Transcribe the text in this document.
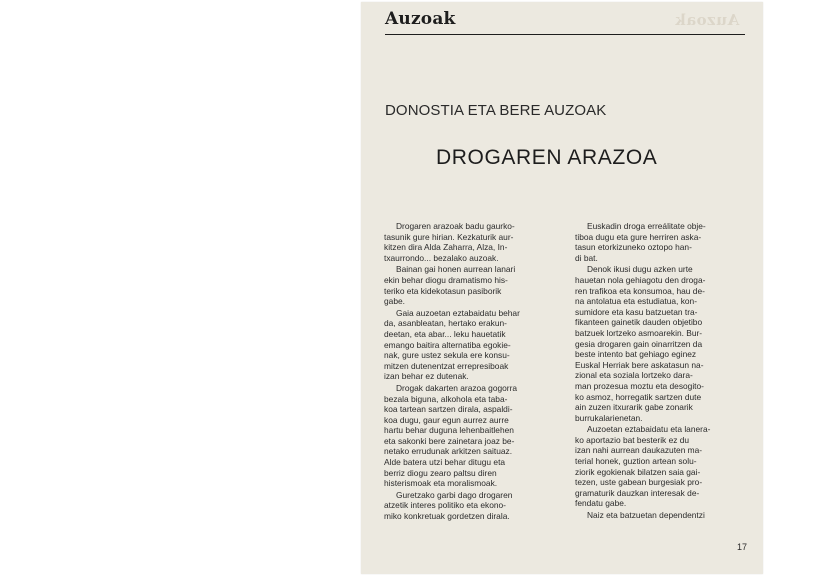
Auzoak	Auzoak
DONOSTIA ETA BERE AUZOAK
DROGAREN ARAZOA

Drogaren arazoak badu gaurko-
tasunik gure hirian. Kezkaturik aur-
kitzen dira Alda Zaharra, Alza, In-
txaurrondo... bezalako auzoak.

Bainan gai honen aurrean lanari
ekin behar diogu dramatismo his-
teriko eta kidekotasun pasiborik
gabe.

Gaia auzoetan eztabaidatu behar
da, asanbleatan, hertako erakun-
deetan, eta abar... leku hauetatik
emango baitira alternatiba egokie-
nak, gure ustez sekula ere konsu-
mitzen dutenentzat errepresiboak
izan behar ez dutenak.

Drogak dakarten arazoa gogorra
bezala biguna, alkohola eta taba-
koa tartean sartzen dirala, aspaldi-
koa dugu, gaur egun aurrez aurre
hartu behar duguna lehenbaitlehen
eta sakonki bere zainetara joaz be-
netako errudunak arkitzen saituaz.
Alde batera utzi behar ditugu eta
berriz diogu zearo paltsu diren
histerismoak eta moralismoak.

Guretzako garbi dago drogaren
atzetik interes politiko eta ekono-
miko konkretuak gordetzen dirala.

Euskadin droga erreálitate obje-
tiboa dugu eta gure herriren aska-
tasun etorkizuneko oztopo han-
di bat.

Denok ikusi dugu azken urte
hauetan nola gehiagotu den droga-
ren trafikoa eta konsumoa, hau de-
na antolatua eta estudiatua, kon-
sumidore eta kasu batzuetan tra-
fikanteen gainetik dauden objetibo
batzuek lortzeko asmoarekin. Bur-
gesia drogaren gain oinarritzen da
beste intento bat gehiago eginez
Euskal Herriak bere askatasun na-
zional eta soziala lortzeko dara-
man prozesua moztu eta desogito-
ko asmoz, horregatik sartzen dute
ain zuzen itxurarik gabe zonarik
burrukalarienetan.

Auzoetan eztabaidatu eta lanera-
ko aportazio bat besterik ez du
izan nahi aurrean daukazuten ma-
terial honek, guztion artean solu-
ziorik egokienak bilatzen saia gai-
tezen, uste gabean burgesiak pro-
gramaturik dauzkan interesak de-
fendatu gabe.

Naiz eta batzuetan dependentzi

17
